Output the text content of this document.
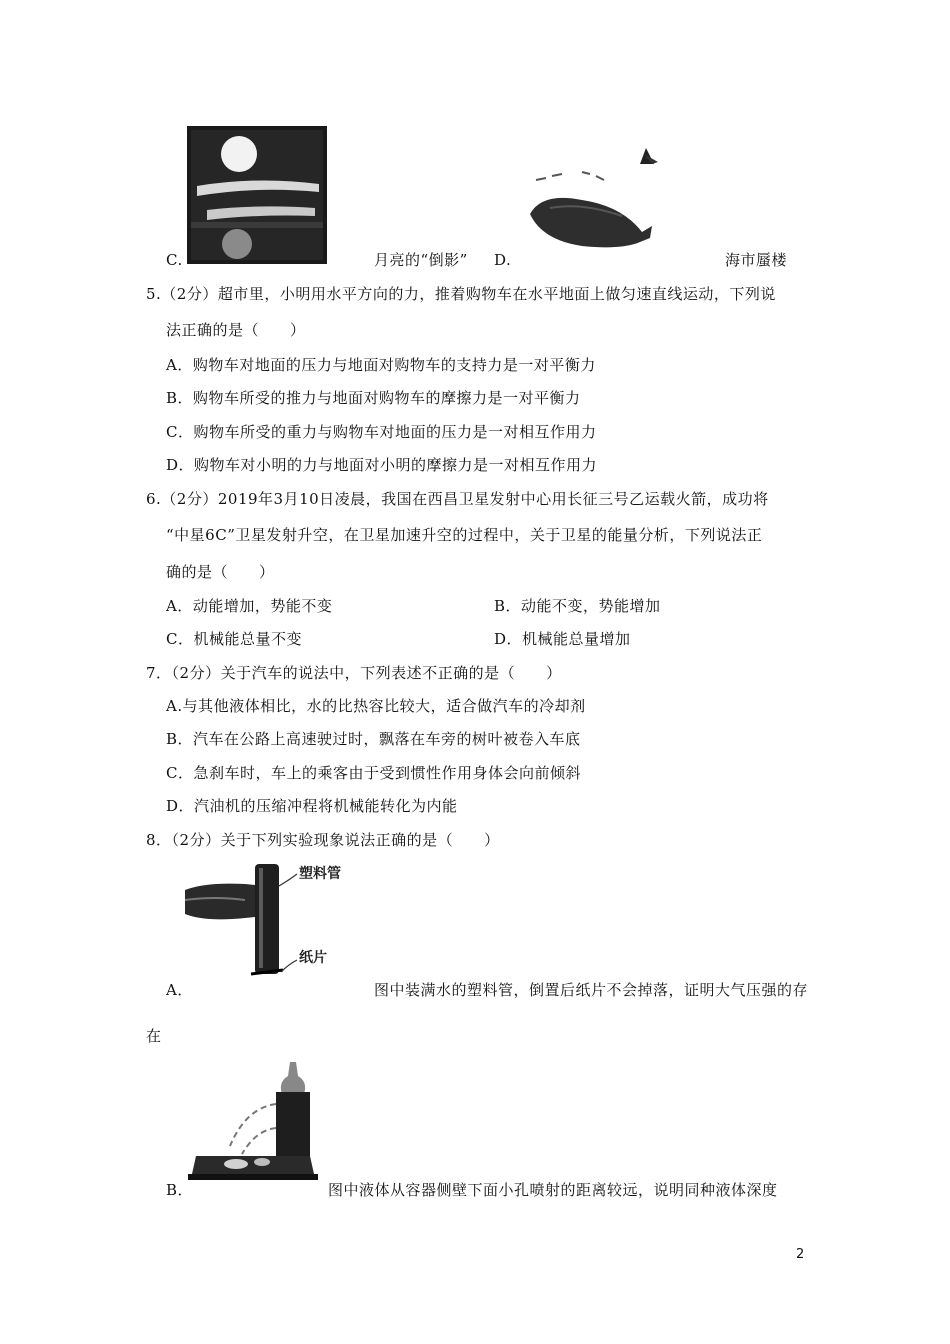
C.	月亮的“倒影” D.	海市蜃楼
5.（2分）超市里，小明用水平方向的力，推着购物车在水平地面上做匀速直线运动，下列说
法正确的是（　　）
A．购物车对地面的压力与地面对购物车的支持力是一对平衡力
B．购物车所受的推力与地面对购物车的摩擦力是一对平衡力
C．购物车所受的重力与购物车对地面的压力是一对相互作用力
D．购物车对小明的力与地面对小明的摩擦力是一对相互作用力
6.（2分）2019年3月10日凌晨，我国在西昌卫星发射中心用长征三号乙运载火箭，成功将
“中星6C”卫星发射升空，在卫星加速升空的过程中，关于卫星的能量分析，下列说法正
确的是（　　）
A．动能增加，势能不变	B．动能不变，势能增加
C．机械能总量不变	D．机械能总量增加
7．（2分）关于汽车的说法中，下列表述不正确的是（　　）
A.与其他液体相比，水的比热容比较大，适合做汽车的冷却剂
B．汽车在公路上高速驶过时，飘落在车旁的树叶被卷入车底
C．急刹车时，车上的乘客由于受到惯性作用身体会向前倾斜
D．汽油机的压缩冲程将机械能转化为内能
8．（2分）关于下列实验现象说法正确的是（　　）
塑料管
纸片
A．	图中装满水的塑料管，倒置后纸片不会掉落，证明大气压强的存
在
B．	图中液体从容器侧壁下面小孔喷射的距离较远，说明同种液体深度
2
